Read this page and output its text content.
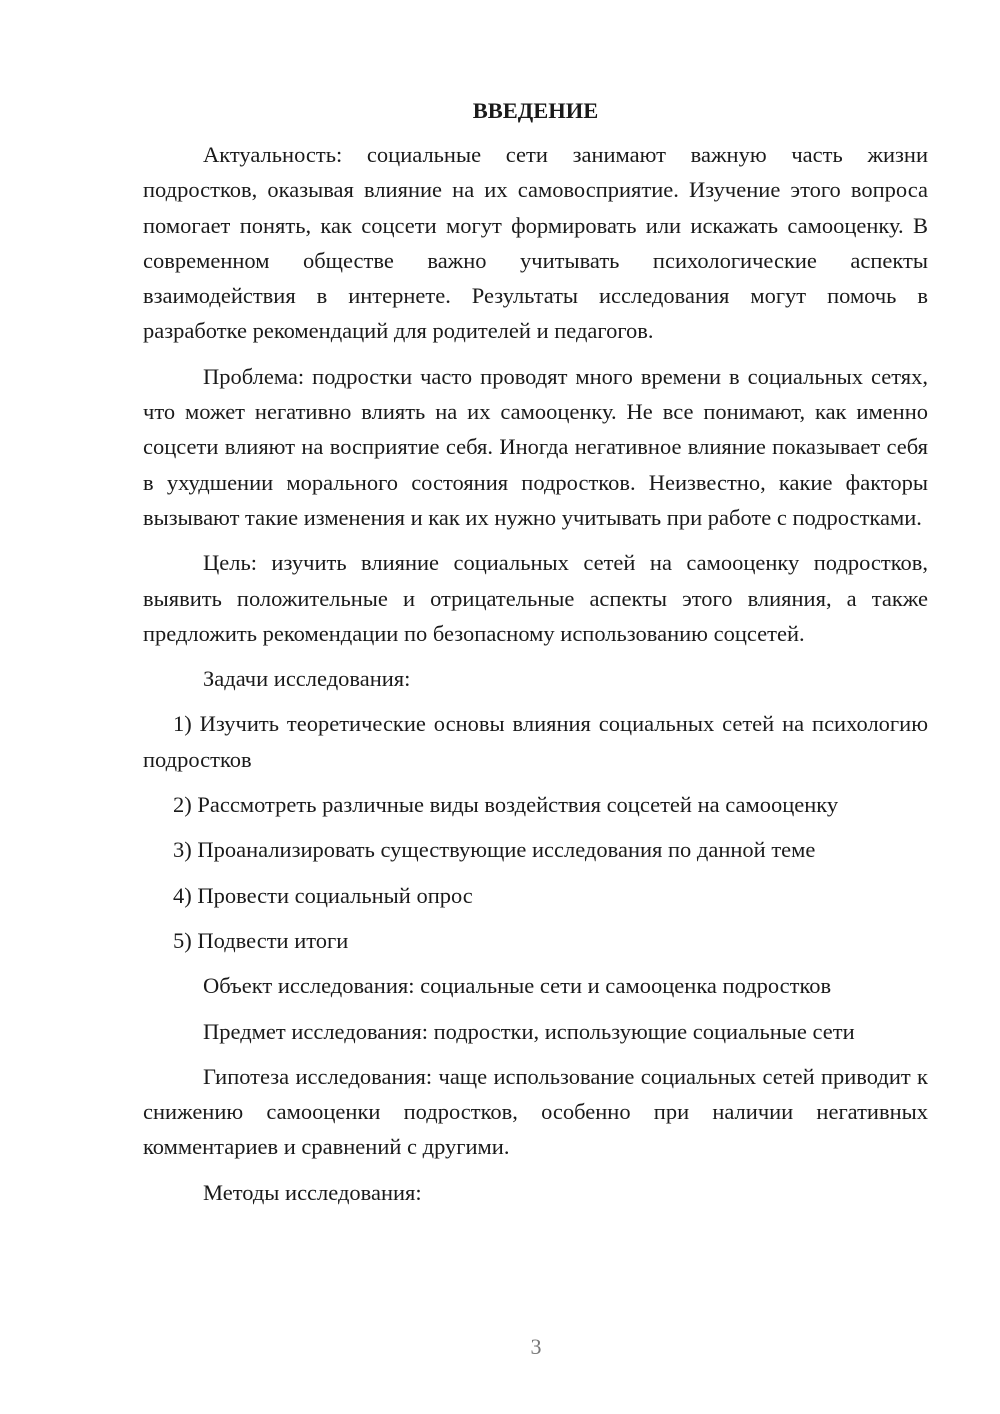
ВВЕДЕНИЕ

Актуальность: социальные сети занимают важную часть жизни подростков, оказывая влияние на их самовосприятие. Изучение этого вопроса помогает понять, как соцсети могут формировать или искажать самооценку. В современном обществе важно учитывать психологические аспекты взаимодействия в интернете. Результаты исследования могут помочь в разработке рекомендаций для родителей и педагогов.

Проблема: подростки часто проводят много времени в социальных сетях, что может негативно влиять на их самооценку. Не все понимают, как именно соцсети влияют на восприятие себя. Иногда негативное влияние показывает себя в ухудшении морального состояния подростков. Неизвестно, какие факторы вызывают такие изменения и как их нужно учитывать при работе с подростками.

Цель: изучить влияние социальных сетей на самооценку подростков, выявить положительные и отрицательные аспекты этого влияния, а также предложить рекомендации по безопасному использованию соцсетей.

Задачи исследования:

1) Изучить теоретические основы влияния социальных сетей на психологию подростков

2) Рассмотреть различные виды воздействия соцсетей на самооценку

3) Проанализировать существующие исследования по данной теме

4) Провести социальный опрос

5) Подвести итоги

Объект исследования: социальные сети и самооценка подростков

Предмет исследования: подростки, использующие социальные сети

Гипотеза исследования: чаще использование социальных сетей приводит к снижению самооценки подростков, особенно при наличии негативных комментариев и сравнений с другими.

Методы исследования:

3
